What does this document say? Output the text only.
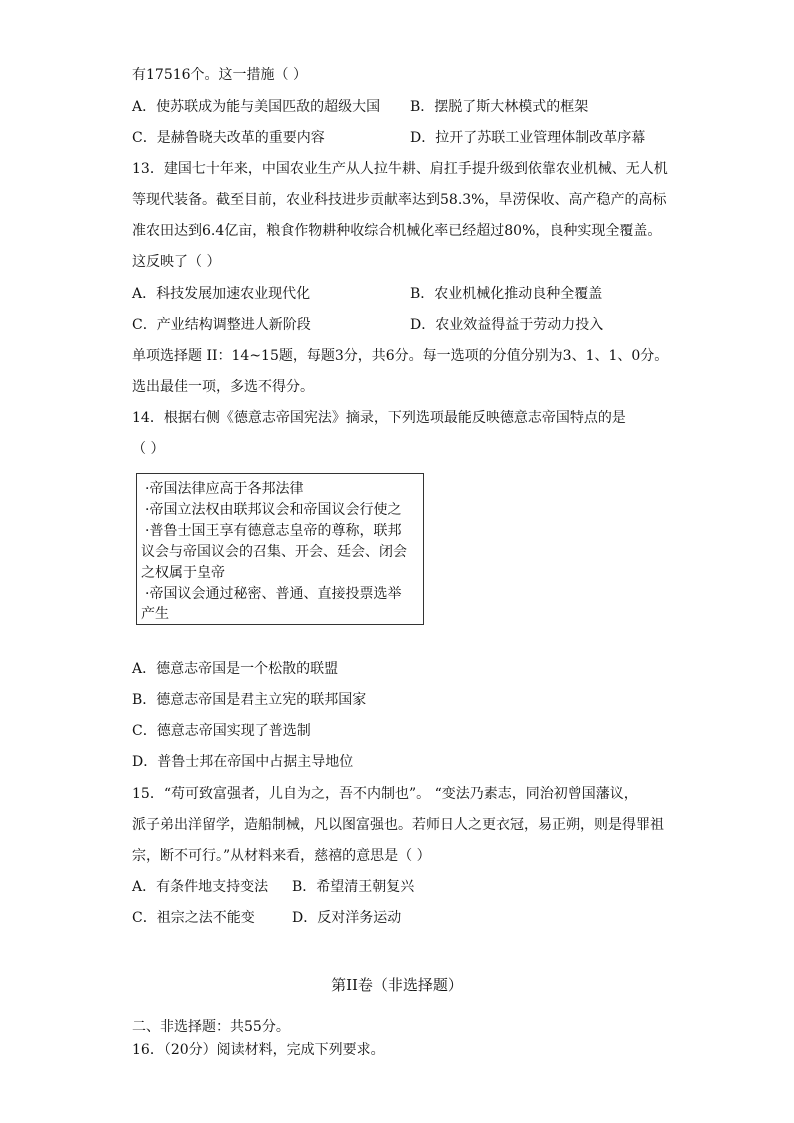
有17516个。这一措施（ ）
A．使苏联成为能与美国匹敌的超级大国 B．摆脱了斯大林模式的框架
C．是赫鲁晓夫改革的重要内容	D．拉开了苏联工业管理体制改革序幕
13．建国七十年来，中国农业生产从人拉牛耕、肩扛手提升级到依靠农业机械、无人机
等现代装备。截至目前，农业科技进步贡献率达到58.3%，旱涝保收、高产稳产的高标
准农田达到6.4亿亩，粮食作物耕种收综合机械化率已经超过80%，良种实现全覆盖。
这反映了（ ）
A．科技发展加速农业现代化	B．农业机械化推动良种全覆盖
C．产业结构调整进人新阶段	D．农业效益得益于劳动力投入
单项选择题 II：14~15题，每题3分，共6分。每一选项的分值分别为3、1、1、0分。
选出最佳一项，多选不得分。
14．根据右侧《德意志帝国宪法》摘录，下列选项最能反映德意志帝国特点的是
（ ）
·帝国法律应高于各邦法律
·帝国立法权由联邦议会和帝国议会行使之
·普鲁士国王享有德意志皇帝的尊称，联邦
议会与帝国议会的召集、开会、廷会、闭会
之权属于皇帝
·帝国议会通过秘密、普通、直接投票选举
产生
A．德意志帝国是一个松散的联盟
B．德意志帝国是君主立宪的联邦国家
C．德意志帝国实现了普选制
D．普鲁士邦在帝国中占据主导地位
15．“苟可致富强者，儿自为之，吾不内制也”。 “变法乃素志，同治初曾国藩议，
派子弟出洋留学，造船制械，凡以图富强也。若师日人之更衣冠，易正朔，则是得罪祖
宗，断不可行。”从材料来看，慈禧的意思是（ ）
A．有条件地支持变法 B．希望清王朝复兴
C．祖宗之法不能变	D．反对洋务运动
第II卷（非选择题）
二、非选择题：共55分。
16．（20分）阅读材料，完成下列要求。
